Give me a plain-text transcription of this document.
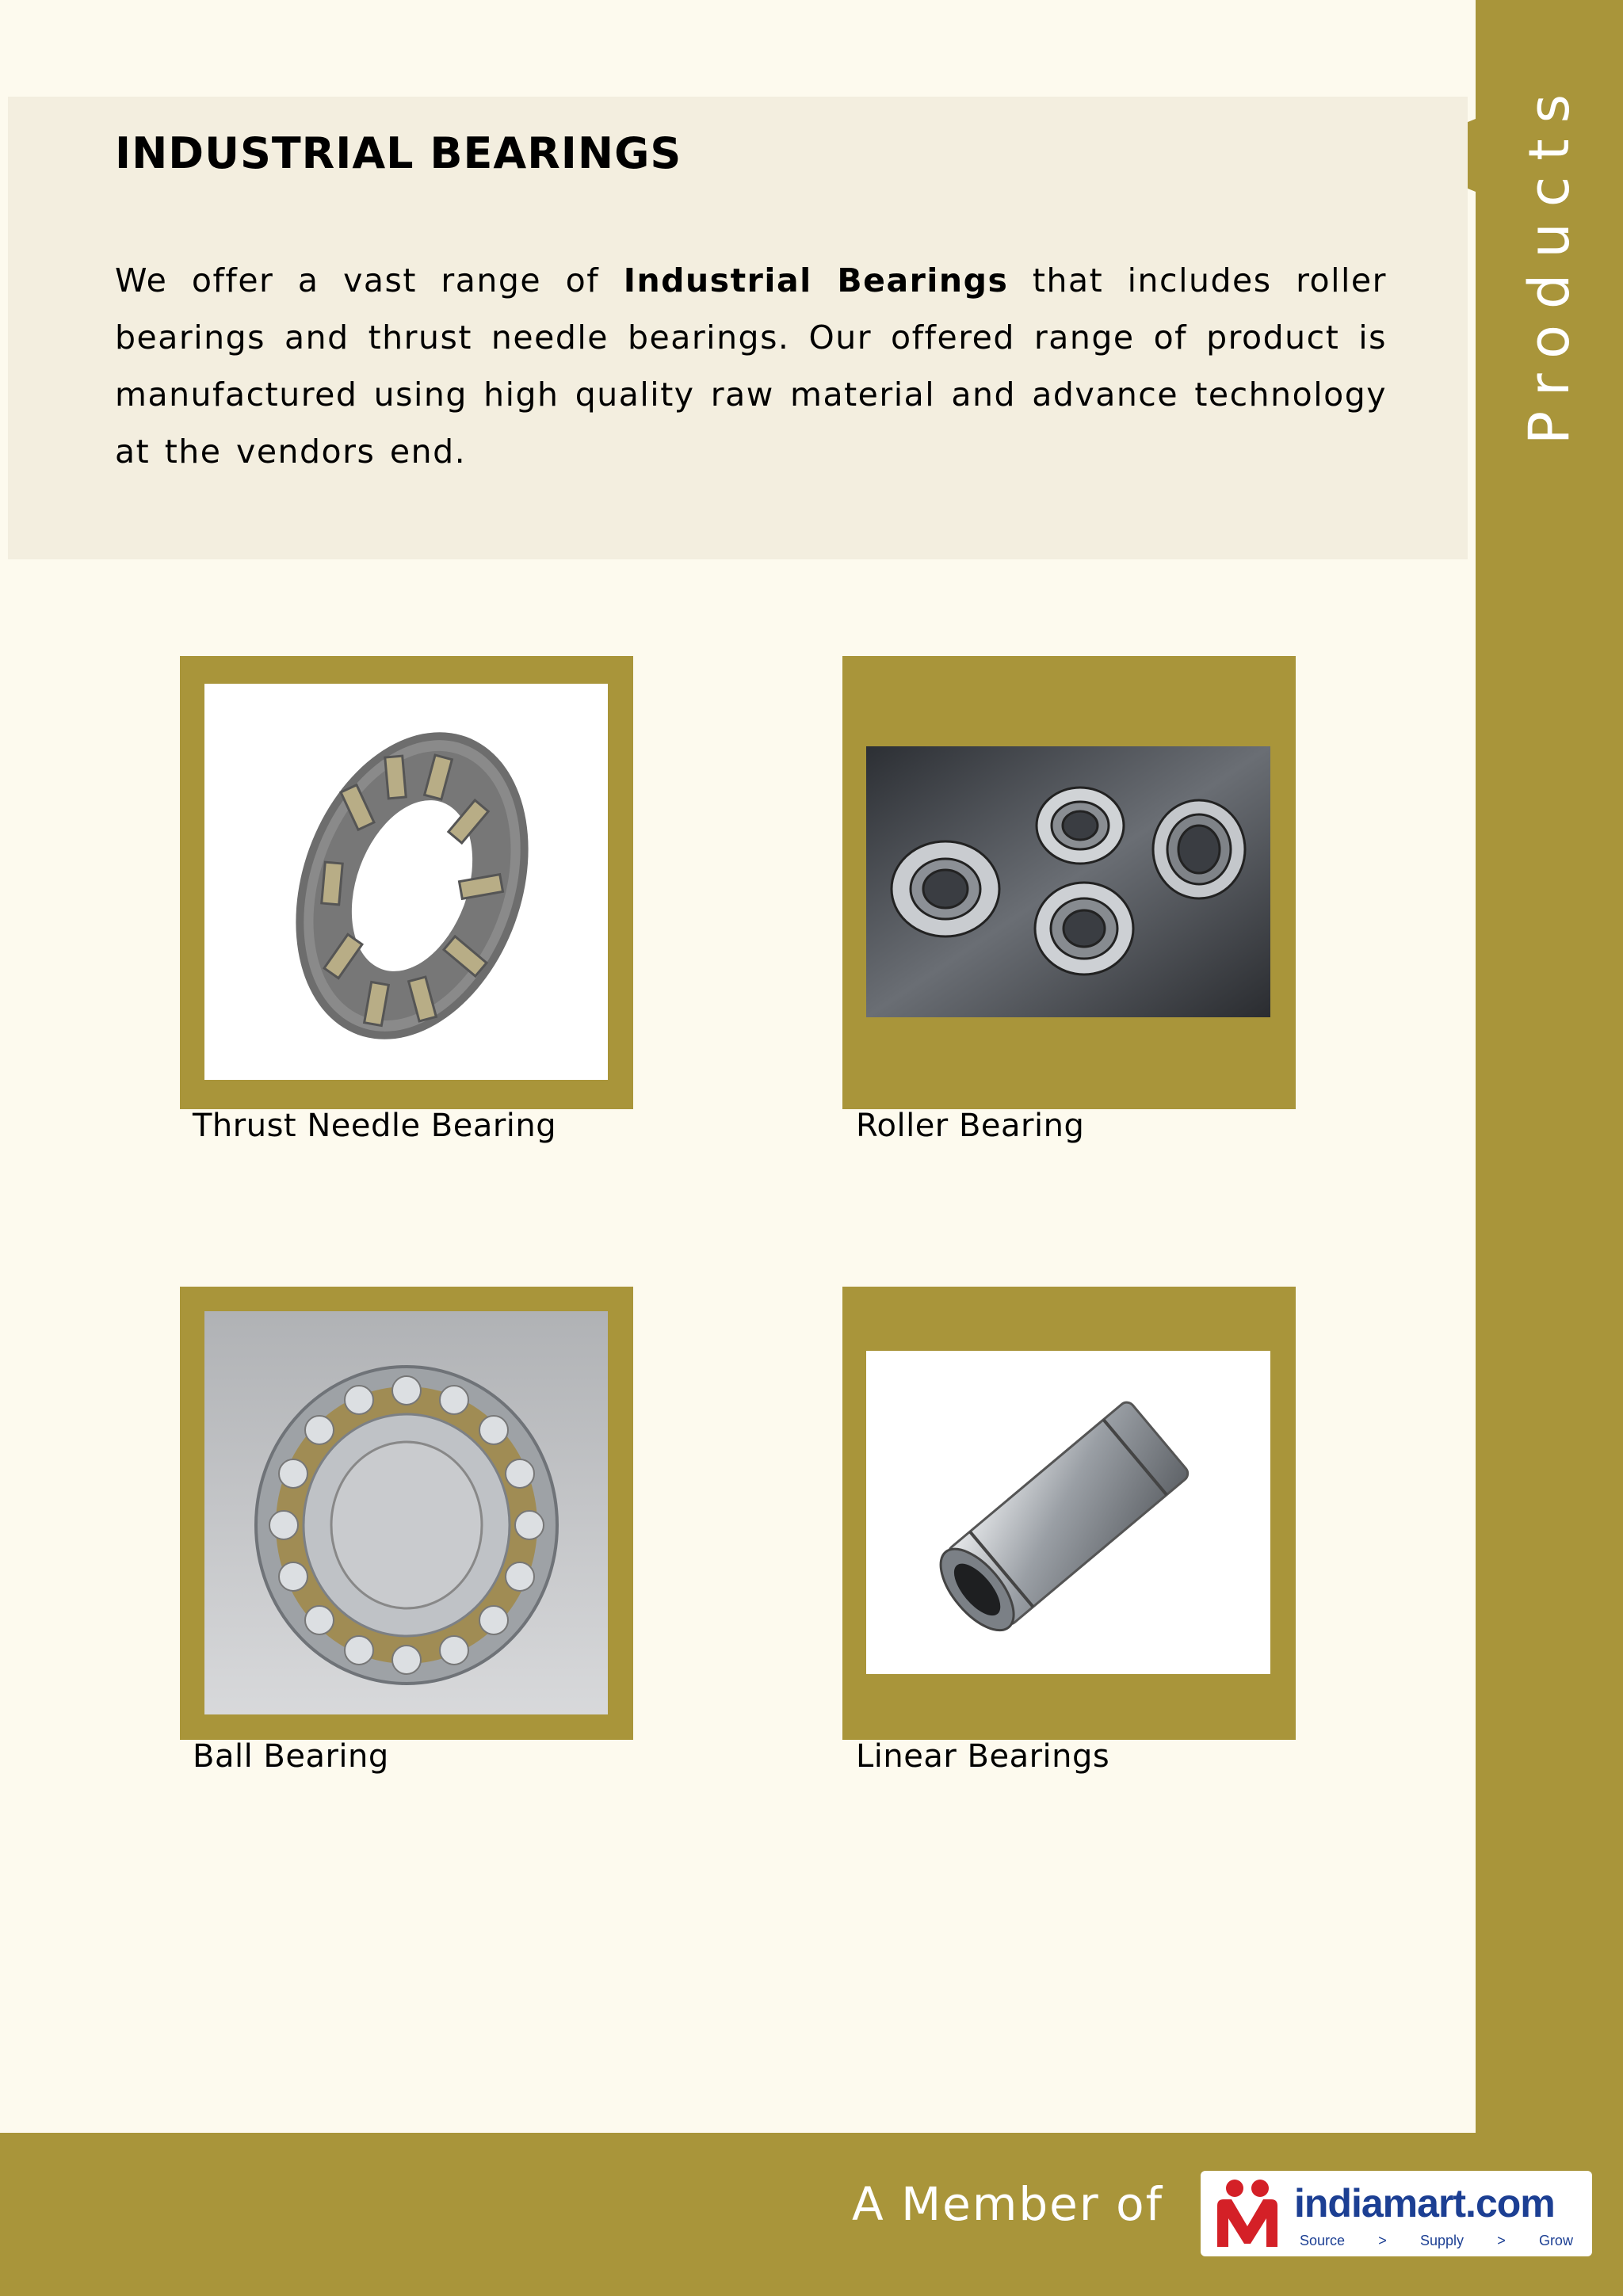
Products
INDUSTRIAL BEARINGS

We offer a vast range of Industrial Bearings that includes roller bearings and thrust needle bearings. Our offered range of product is manufactured using high quality raw material and advance technology at the vendors end.

Thrust Needle Bearing	Roller Bearing
Ball Bearing	Linear Bearings
A Member of	indiamart.com
Source > Supply > Grow
